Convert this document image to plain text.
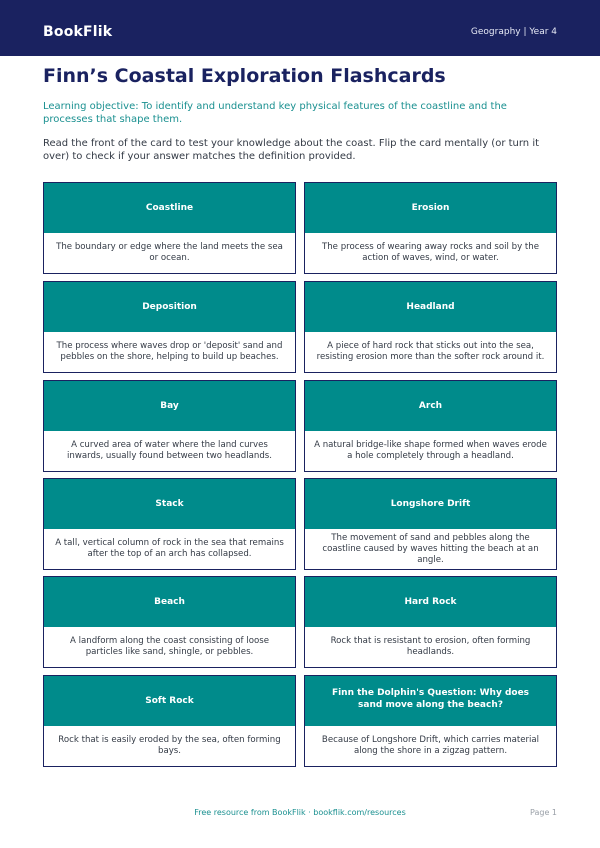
BookFlik	Geography | Year 4
Finn’s Coastal Exploration Flashcards
Learning objective: To identify and understand key physical features of the coastline and the processes that shape them.
Read the front of the card to test your knowledge about the coast. Flip the card mentally (or turn it over) to check if your answer matches the definition provided.
Coastline
The boundary or edge where the land meets the sea or ocean.
Erosion
The process of wearing away rocks and soil by the action of waves, wind, or water.
Deposition
The process where waves drop or 'deposit' sand and pebbles on the shore, helping to build up beaches.
Headland
A piece of hard rock that sticks out into the sea, resisting erosion more than the softer rock around it.
Bay
A curved area of water where the land curves inwards, usually found between two headlands.
Arch
A natural bridge-like shape formed when waves erode a hole completely through a headland.
Stack
A tall, vertical column of rock in the sea that remains after the top of an arch has collapsed.
Longshore Drift
The movement of sand and pebbles along the coastline caused by waves hitting the beach at an angle.
Beach
A landform along the coast consisting of loose particles like sand, shingle, or pebbles.
Hard Rock
Rock that is resistant to erosion, often forming headlands.
Soft Rock
Rock that is easily eroded by the sea, often forming bays.
Finn the Dolphin's Question: Why does sand move along the beach?
Because of Longshore Drift, which carries material along the shore in a zigzag pattern.
Free resource from BookFlik · bookflik.com/resources	Page 1
